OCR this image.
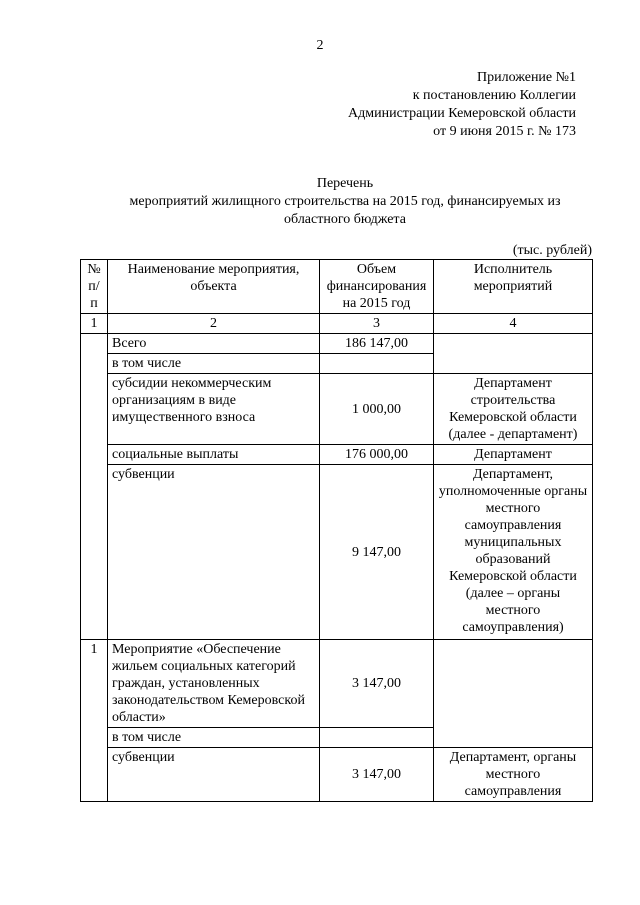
2
Приложение №1
к постановлению Коллегии
Администрации Кемеровской области
от 9 июня 2015 г. № 173
Перечень
мероприятий жилищного строительства на 2015 год, финансируемых из
областного бюджета
(тыс. рублей)
№ п/п	Наименование мероприятия, объекта	Объем финансирования на 2015 год	Исполнитель мероприятий
1	2	3	4
	Всего	186 147,00	
	в том числе		
	субсидии некоммерческим организациям в виде имущественного взноса	1 000,00	Департамент строительства Кемеровской области (далее - департамент)
	социальные выплаты	176 000,00	Департамент
	субвенции	9 147,00	Департамент, уполномоченные органы местного самоуправления муниципальных образований Кемеровской области (далее – органы местного самоуправления)
1	Мероприятие «Обеспечение жильем социальных категорий граждан, установленных законодательством Кемеровской области»	3 147,00	
	в том числе		
	субвенции	3 147,00	Департамент, органы местного самоуправления
